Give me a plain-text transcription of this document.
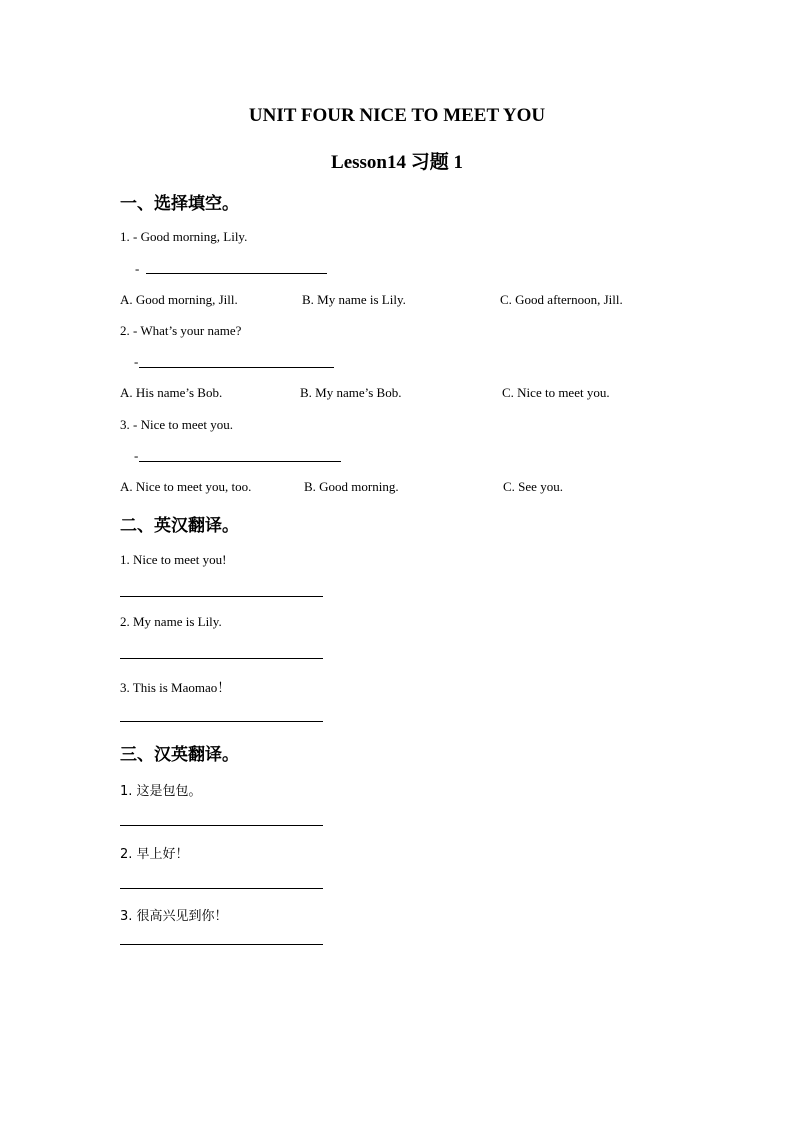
UNIT FOUR NICE TO MEET YOU
Lesson14 习题 1
一、选择填空。
1. - Good morning, Lily.
-
A. Good morning, Jill.	B. My name is Lily.	C. Good afternoon, Jill.
2. - What’s your name?
-
A. His name’s Bob.	B. My name’s Bob.	C. Nice to meet you.
3. - Nice to meet you.
-
A. Nice to meet you, too.	B. Good morning.	C. See you.
二、英汉翻译。
1. Nice to meet you!
2. My name is Lily.
3. This is Maomao！
三、汉英翻译。
1. 这是包包。
2. 早上好！
3. 很高兴见到你！
